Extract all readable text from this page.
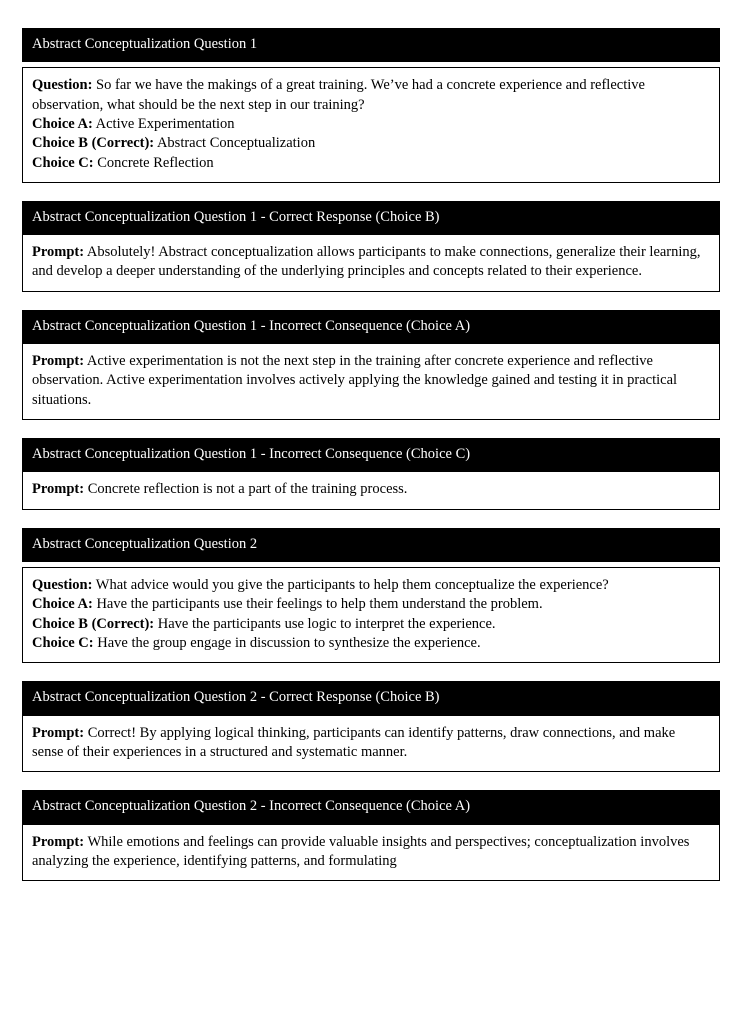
Abstract Conceptualization Question 1
Question: So far we have the makings of a great training. We’ve had a concrete experience and reflective observation, what should be the next step in our training?
Choice A: Active Experimentation
Choice B (Correct): Abstract Conceptualization
Choice C: Concrete Reflection
Abstract Conceptualization Question 1 - Correct Response (Choice B)
Prompt: Absolutely! Abstract conceptualization allows participants to make connections, generalize their learning, and develop a deeper understanding of the underlying principles and concepts related to their experience.
Abstract Conceptualization Question 1 - Incorrect Consequence (Choice A)
Prompt: Active experimentation is not the next step in the training after concrete experience and reflective observation. Active experimentation involves actively applying the knowledge gained and testing it in practical situations.
Abstract Conceptualization Question 1 - Incorrect Consequence (Choice C)
Prompt: Concrete reflection is not a part of the training process.
Abstract Conceptualization Question 2
Question: What advice would you give the participants to help them conceptualize the experience?
Choice A: Have the participants use their feelings to help them understand the problem.
Choice B (Correct): Have the participants use logic to interpret the experience.
Choice C: Have the group engage in discussion to synthesize the experience.
Abstract Conceptualization Question 2 - Correct Response (Choice B)
Prompt: Correct! By applying logical thinking, participants can identify patterns, draw connections, and make sense of their experiences in a structured and systematic manner.
Abstract Conceptualization Question 2 - Incorrect Consequence (Choice A)
Prompt: While emotions and feelings can provide valuable insights and perspectives; conceptualization involves analyzing the experience, identifying patterns, and formulating
